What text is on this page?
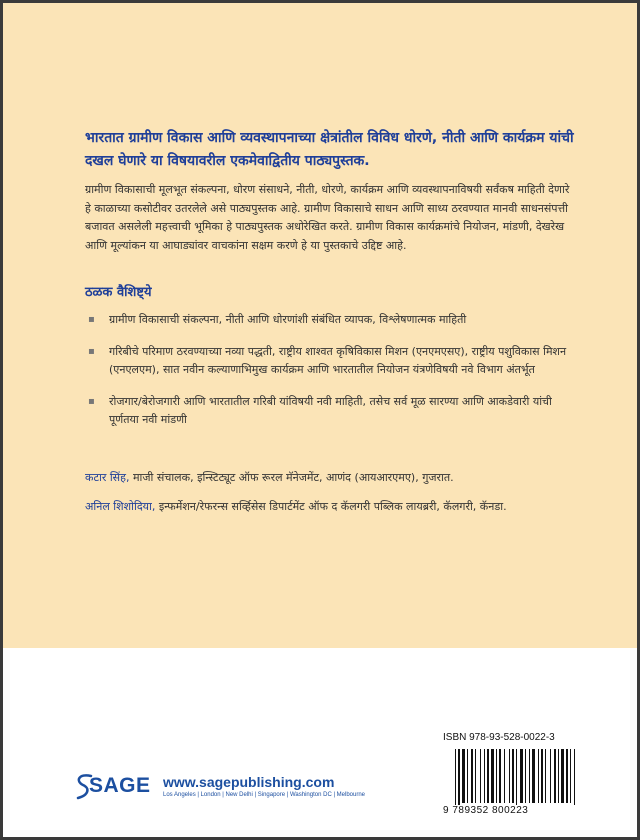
भारतात ग्रामीण विकास आणि व्यवस्थापनाच्या क्षेत्रांतील विविध धोरणे, नीती आणि कार्यक्रम यांची दखल घेणारे या विषयावरील एकमेवाद्वितीय पाठ्यपुस्तक.

ग्रामीण विकासाची मूलभूत संकल्पना, धोरण संसाधने, नीती, धोरणे, कार्यक्रम आणि व्यवस्थापनाविषयी सर्वंकष माहिती देणारे हे काळाच्या कसोटीवर उतरलेले असे पाठ्यपुस्तक आहे. ग्रामीण विकासाचे साधन आणि साध्य ठरवण्यात मानवी साधनसंपत्ती बजावत असलेली महत्त्वाची भूमिका हे पाठ्यपुस्तक अधोरेखित करते. ग्रामीण विकास कार्यक्रमांचे नियोजन, मांडणी, देखरेख आणि मूल्यांकन या आघाड्यांवर वाचकांना सक्षम करणे हे या पुस्तकाचे उद्दिष्ट आहे.

ठळक वैशिष्ट्ये
▪ ग्रामीण विकासाची संकल्पना, नीती आणि धोरणांशी संबंधित व्यापक, विश्लेषणात्मक माहिती
▪ गरिबीचे परिमाण ठरवण्याच्या नव्या पद्धती, राष्ट्रीय शाश्वत कृषिविकास मिशन (एनएमएसए), राष्ट्रीय पशुविकास मिशन (एनएलएम), सात नवीन कल्याणाभिमुख कार्यक्रम आणि भारतातील नियोजन यंत्रणेविषयी नवे विभाग अंतर्भूत
▪ रोजगार/बेरोजगारी आणि भारतातील गरिबी यांविषयी नवी माहिती, तसेच सर्व मूळ सारण्या आणि आकडेवारी यांची पूर्णतया नवी मांडणी

कटार सिंह, माजी संचालक, इन्स्टिट्यूट ऑफ रूरल मॅनेजमेंट, आणंद (आयआरएमए), गुजरात.

अनिल शिशोदिया, इन्फर्मेशन/रेफरन्स सर्व्हिसेस डिपार्टमेंट ऑफ द कॅलगरी पब्लिक लायब्ररी, कॅलगरी, कॅनडा.

SAGE www.sagepublishing.com
Los Angeles | London | New Delhi | Singapore | Washington DC | Melbourne
ISBN 978-93-528-0022-3
9 789352 800223
